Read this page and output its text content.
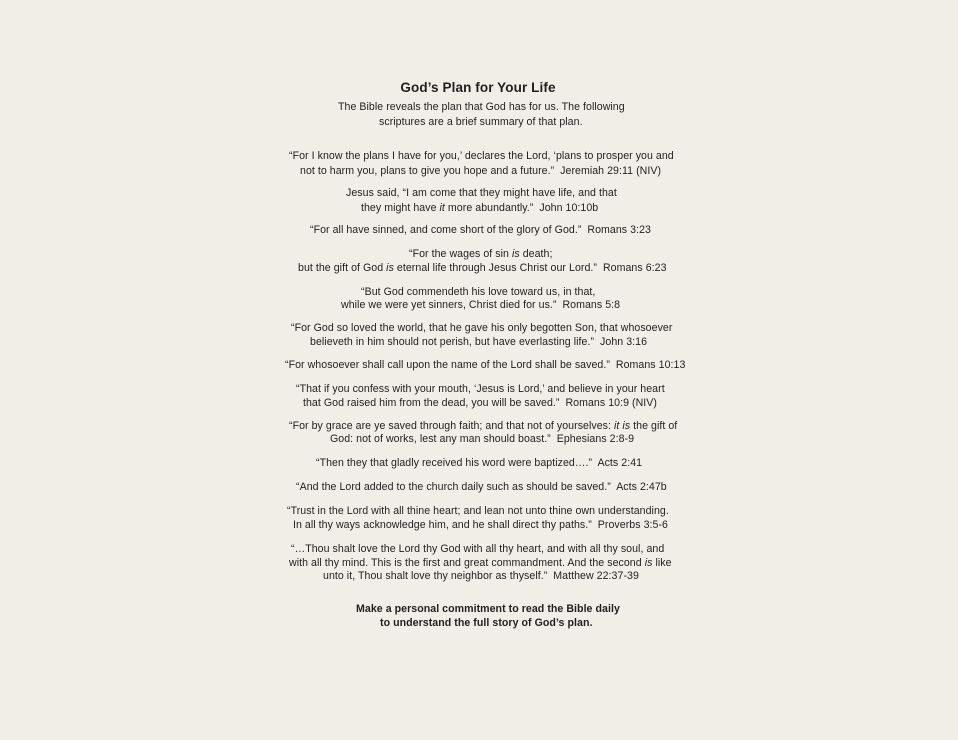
God’s Plan for Your Life
The Bible reveals the plan that God has for us. The following
scriptures are a brief summary of that plan.
“For I know the plans I have for you,’ declares the Lord, ‘plans to prosper you and
not to harm you, plans to give you hope and a future.”  Jeremiah 29:11 (NIV)
Jesus said, “I am come that they might have life, and that
they might have it more abundantly.”  John 10:10b
“For all have sinned, and come short of the glory of God.”  Romans 3:23
“For the wages of sin is death;
but the gift of God is eternal life through Jesus Christ our Lord.”  Romans 6:23
“But God commendeth his love toward us, in that,
while we were yet sinners, Christ died for us.”  Romans 5:8
“For God so loved the world, that he gave his only begotten Son, that whosoever
believeth in him should not perish, but have everlasting life.”  John 3:16
“For whosoever shall call upon the name of the Lord shall be saved.”  Romans 10:13
“That if you confess with your mouth, ‘Jesus is Lord,’ and believe in your heart
that God raised him from the dead, you will be saved.”  Romans 10:9 (NIV)
“For by grace are ye saved through faith; and that not of yourselves: it is the gift of
God: not of works, lest any man should boast.”  Ephesians 2:8-9
“Then they that gladly received his word were baptized….”  Acts 2:41
“And the Lord added to the church daily such as should be saved.”  Acts 2:47b
“Trust in the Lord with all thine heart; and lean not unto thine own understanding.
In all thy ways acknowledge him, and he shall direct thy paths.”  Proverbs 3:5-6
“…Thou shalt love the Lord thy God with all thy heart, and with all thy soul, and
with all thy mind. This is the first and great commandment. And the second is like
unto it, Thou shalt love thy neighbor as thyself.”  Matthew 22:37-39
Make a personal commitment to read the Bible daily
to understand the full story of God’s plan.
